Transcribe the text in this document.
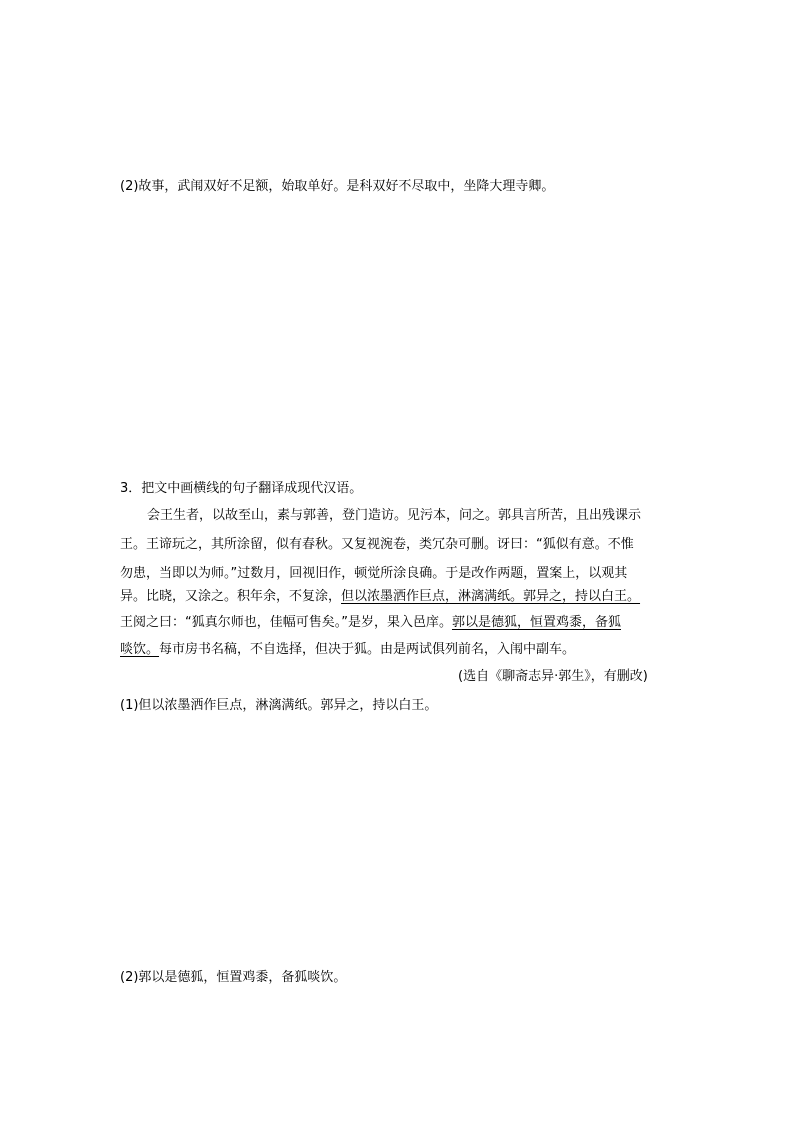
(2)故事，武闱双好不足额，始取单好。是科双好不尽取中，坐降大理寺卿。
3．把文中画横线的句子翻译成现代汉语。
会王生者，以故至山，素与郭善，登门造访。见污本，问之。郭具言所苦，且出残课示
王。王谛玩之，其所涂留，似有春秋。又复视涴卷，类冗杂可删。讶曰：“狐似有意。不惟
勿患，当即以为师。”过数月，回视旧作，顿觉所涂良确。于是改作两题，置案上，以观其
异。比晓，又涂之。积年余，不复涂，但以浓墨洒作巨点，淋漓满纸。郭异之，持以白王。
王阅之曰：“狐真尔师也，佳幅可售矣。”是岁，果入邑庠。郭以是德狐，恒置鸡黍，备狐
啖饮。每市房书名稿，不自选择，但决于狐。由是两试俱列前名，入闱中副车。
(选自《聊斋志异·郭生》，有删改)
(1)但以浓墨洒作巨点，淋漓满纸。郭异之，持以白王。
(2)郭以是德狐，恒置鸡黍，备狐啖饮。
